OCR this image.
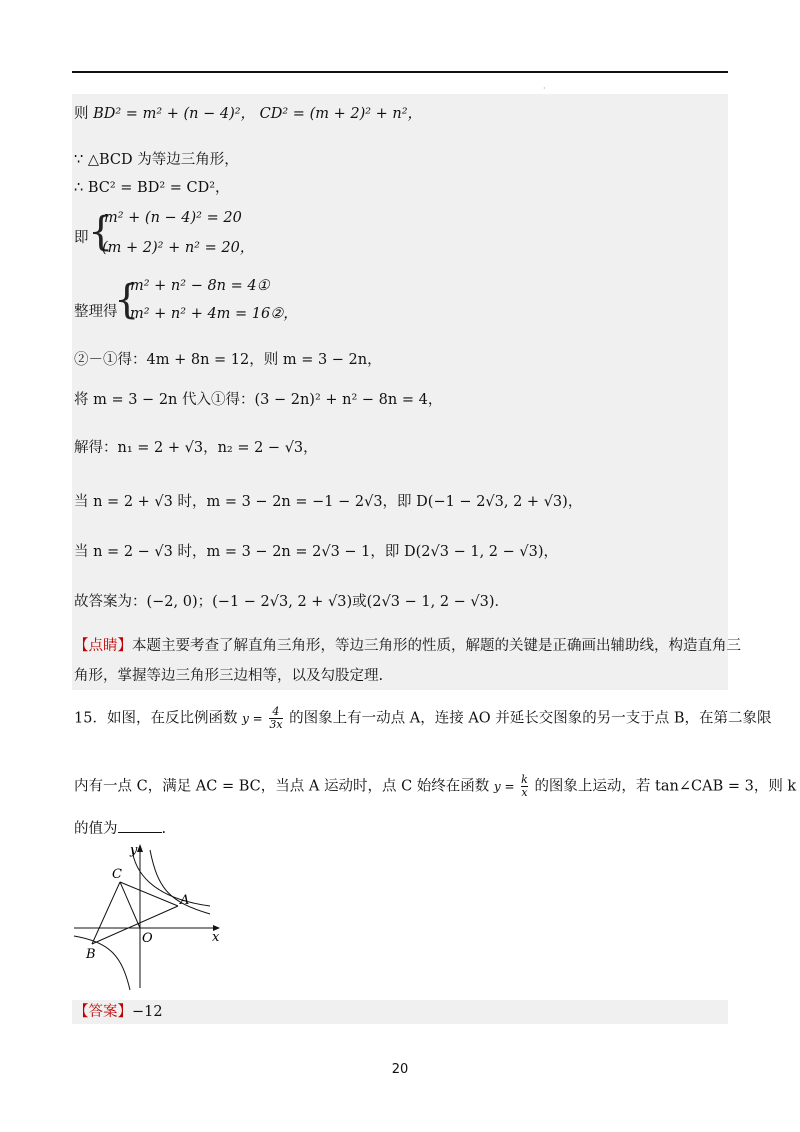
·
则 BD² = m² + (n − 4)²， CD² = (m + 2)² + n²，
∵ △BCD 为等边三角形，
∴ BC² = BD² = CD²，
即 {
m² + (n − 4)² = 20
(m + 2)² + n² = 20，
整理得
{
m² + n² − 8n = 4①
m² + n² + 4m = 16②，
②－①得：4m + 8n = 12，则 m = 3 − 2n，
将 m = 3 − 2n 代入①得：(3 − 2n)² + n² − 8n = 4，
解得：n₁ = 2 + √3，n₂ = 2 − √3，
当 n = 2 + √3 时，m = 3 − 2n = −1 − 2√3，即 D(−1 − 2√3, 2 + √3)，
当 n = 2 − √3 时，m = 3 − 2n = 2√3 − 1，即 D(2√3 − 1, 2 − √3)，
故答案为：(−2, 0)；(−1 − 2√3, 2 + √3)或(2√3 − 1, 2 − √3)．
【点睛】本题主要考查了解直角三角形，等边三角形的性质，解题的关键是正确画出辅助线，构造直角三
角形，掌握等边三角形三边相等，以及勾股定理.
15．如图，在反比例函数 $y = \frac{4}{3x}$ 的图象上有一动点 A，连接 AO 并延长交图象的另一支于点 B，在第二象限
内有一点 C，满足 AC = BC，当点 A 运动时，点 C 始终在函数 $y = \frac{k}{x}$ 的图象上运动，若 tan∠CAB = 3，则 k
的值为	.
y
x
O
A
B
C
【答案】−12
20
